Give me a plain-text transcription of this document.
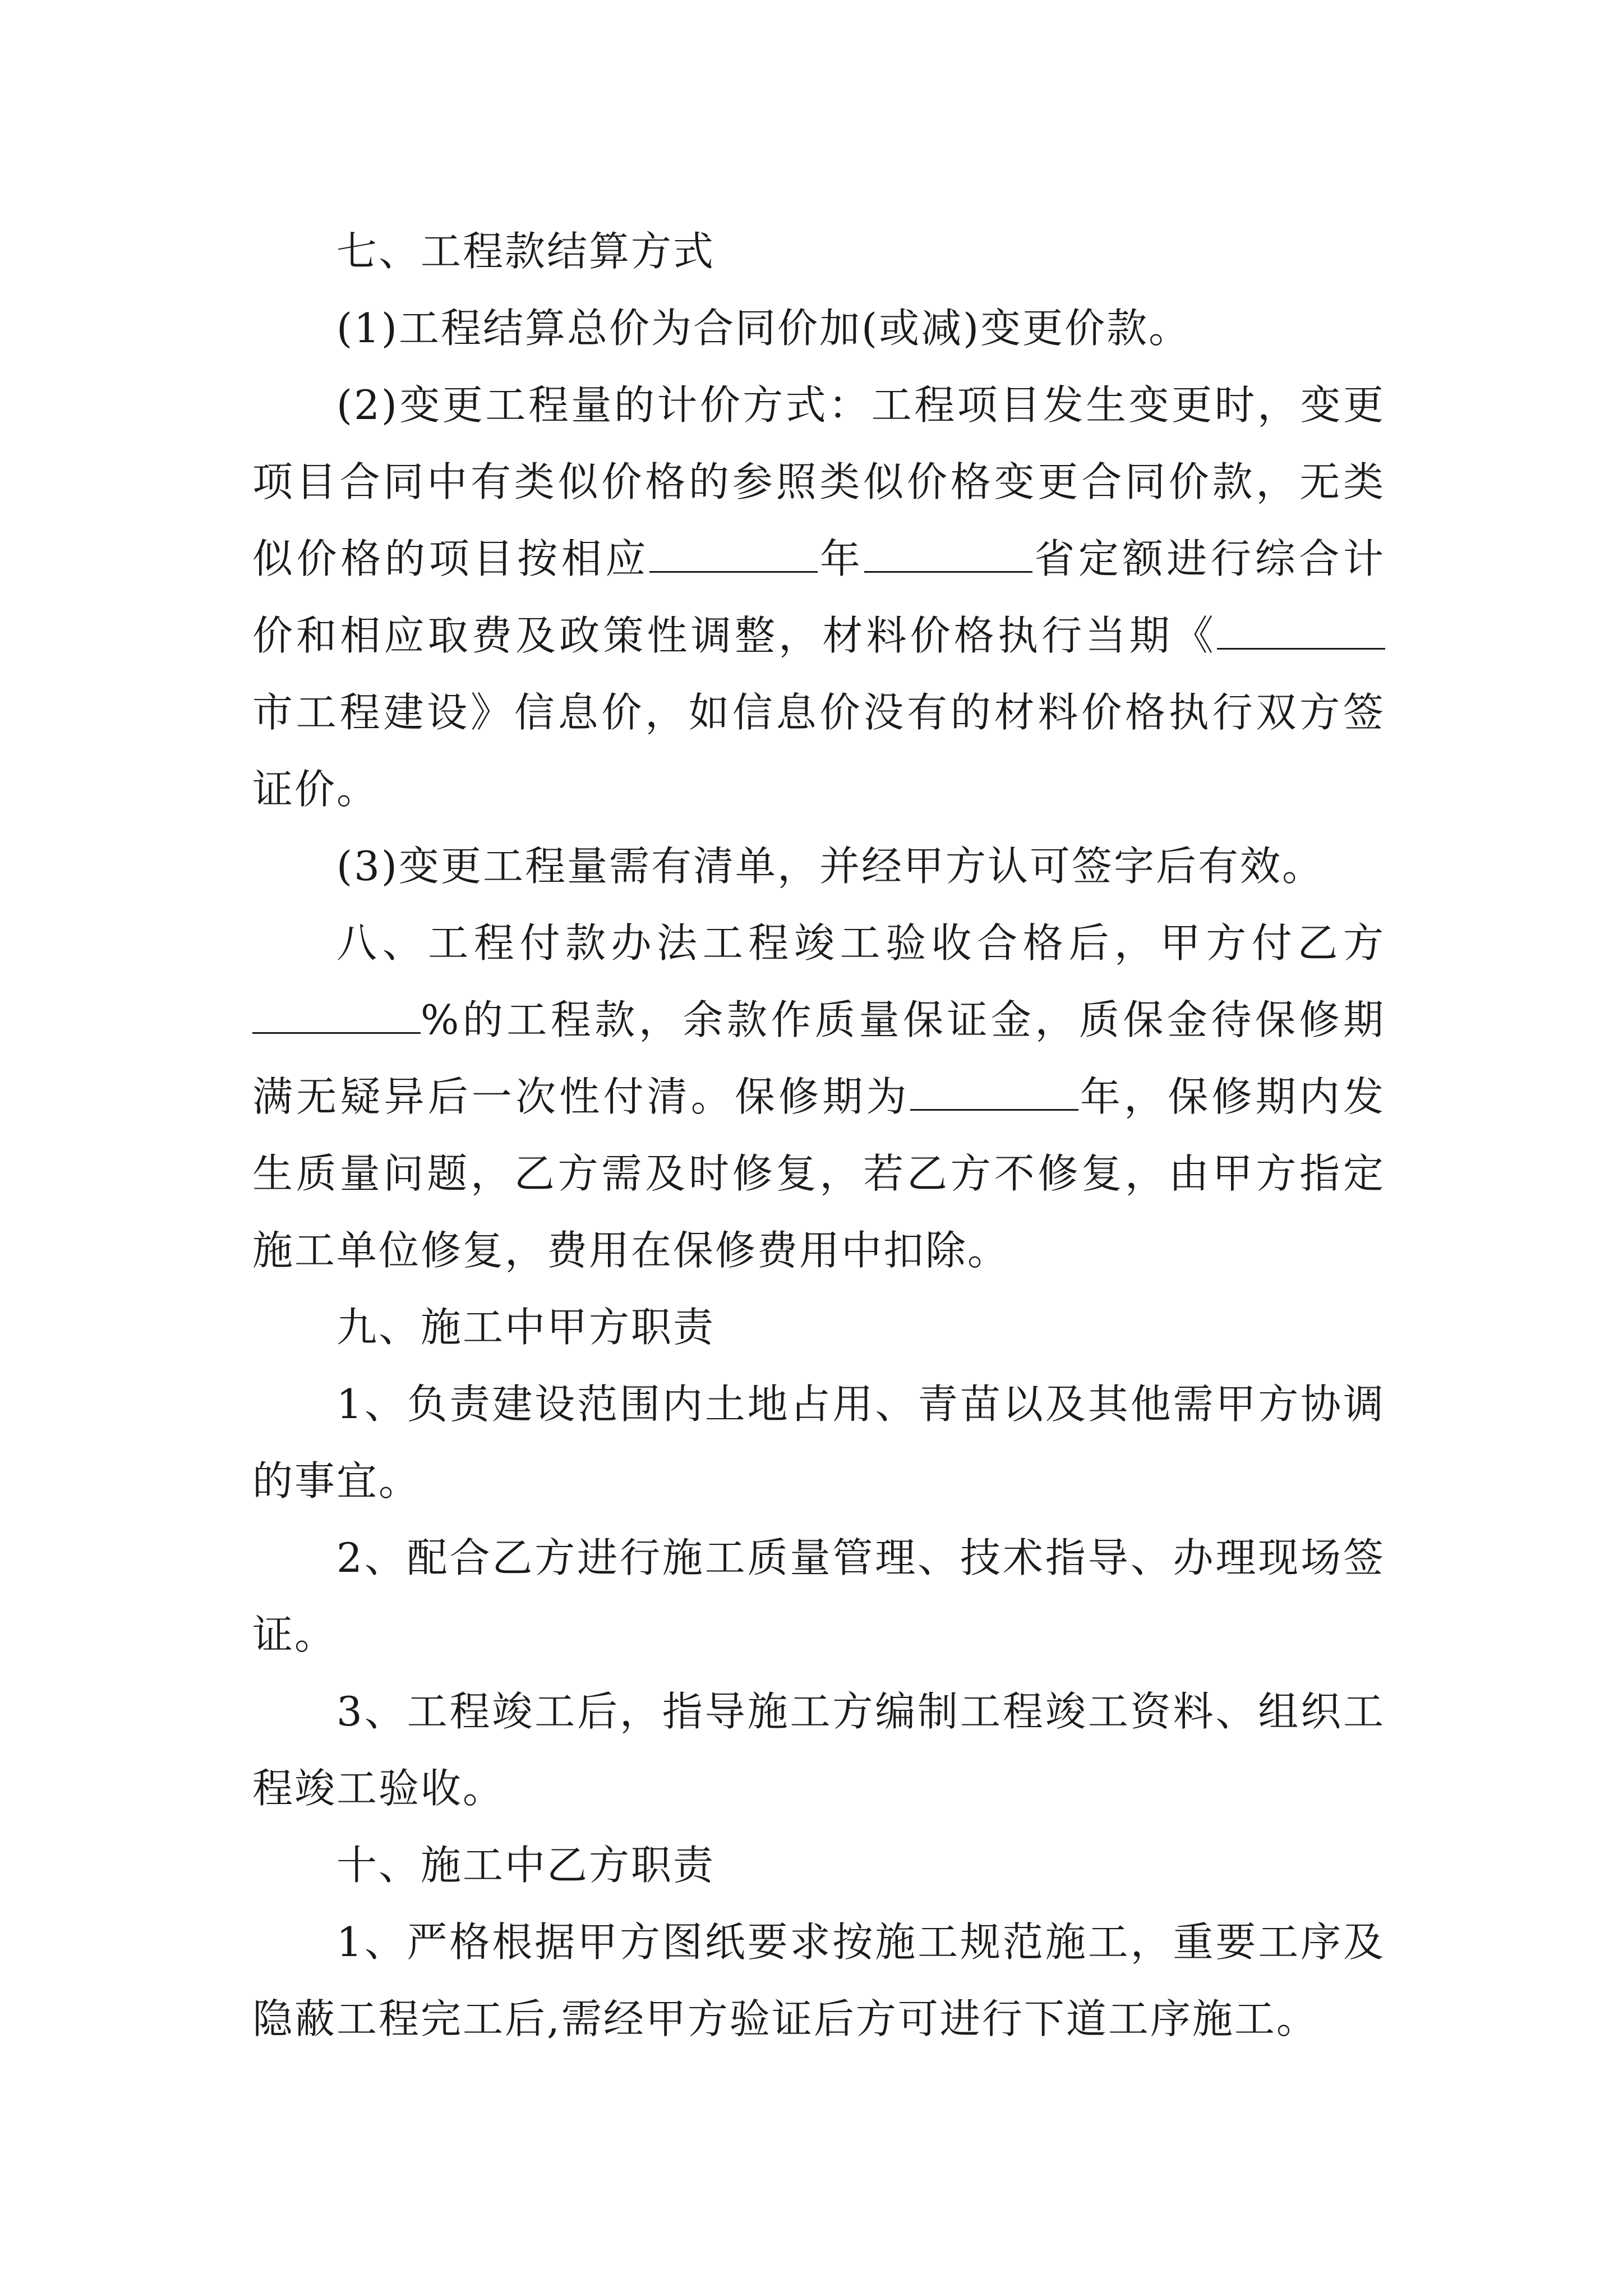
七、工程款结算方式

(1)工程结算总价为合同价加(或减)变更价款。

(2)变更工程量的计价方式：工程项目发生变更时，变更项目合同中有类似价格的参照类似价格变更合同价款，无类似价格的项目按相应	年	省定额进行综合计价和相应取费及政策性调整，材料价格执行当期《市工程建设》信息价，如信息价没有的材料价格执行双方签证价。

(3)变更工程量需有清单，并经甲方认可签字后有效。

八、工程付款办法工程竣工验收合格后，甲方付乙方%的工程款，余款作质量保证金，质保金待保修期满无疑异后一次性付清。保修期为	年，保修期内发生质量问题，乙方需及时修复，若乙方不修复，由甲方指定施工单位修复，费用在保修费用中扣除。

九、施工中甲方职责

1、负责建设范围内土地占用、青苗以及其他需甲方协调的事宜。

2、配合乙方进行施工质量管理、技术指导、办理现场签证。

3、工程竣工后，指导施工方编制工程竣工资料、组织工程竣工验收。

十、施工中乙方职责

1、严格根据甲方图纸要求按施工规范施工，重要工序及隐蔽工程完工后,需经甲方验证后方可进行下道工序施工。
